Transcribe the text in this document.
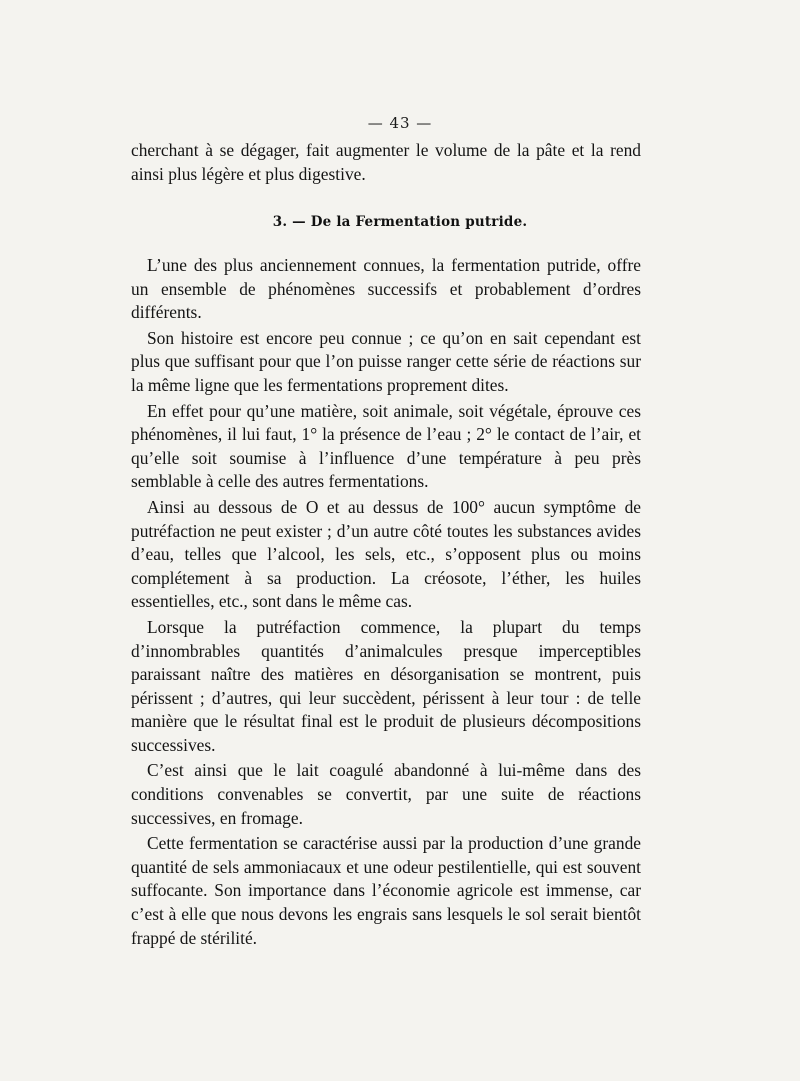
— 43 —

cherchant à se dégager, fait augmenter le volume de la pâte et la rend ainsi plus légère et plus digestive.

3. — De la Fermentation putride.

L’une des plus anciennement connues, la fermentation putride, offre un ensemble de phénomènes successifs et probablement d’ordres différents.

Son histoire est encore peu connue ; ce qu’on en sait cependant est plus que suffisant pour que l’on puisse ranger cette série de réactions sur la même ligne que les fermentations proprement dites.

En effet pour qu’une matière, soit animale, soit végétale, éprouve ces phénomènes, il lui faut, 1° la présence de l’eau ; 2° le contact de l’air, et qu’elle soit soumise à l’influence d’une température à peu près semblable à celle des autres fermentations.

Ainsi au dessous de O et au dessus de 100° aucun symptôme de putréfaction ne peut exister ; d’un autre côté toutes les substances avides d’eau, telles que l’alcool, les sels, etc., s’opposent plus ou moins complétement à sa production. La créosote, l’éther, les huiles essentielles, etc., sont dans le même cas.

Lorsque la putréfaction commence, la plupart du temps d’innombrables quantités d’animalcules presque imperceptibles paraissant naître des matières en désorganisation se montrent, puis périssent ; d’autres, qui leur succèdent, périssent à leur tour : de telle manière que le résultat final est le produit de plusieurs décompositions successives.

C’est ainsi que le lait coagulé abandonné à lui-même dans des conditions convenables se convertit, par une suite de réactions successives, en fromage.

Cette fermentation se caractérise aussi par la production d’une grande quantité de sels ammoniacaux et une odeur pestilentielle, qui est souvent suffocante. Son importance dans l’économie agricole est immense, car c’est à elle que nous devons les engrais sans lesquels le sol serait bientôt frappé de stérilité.
